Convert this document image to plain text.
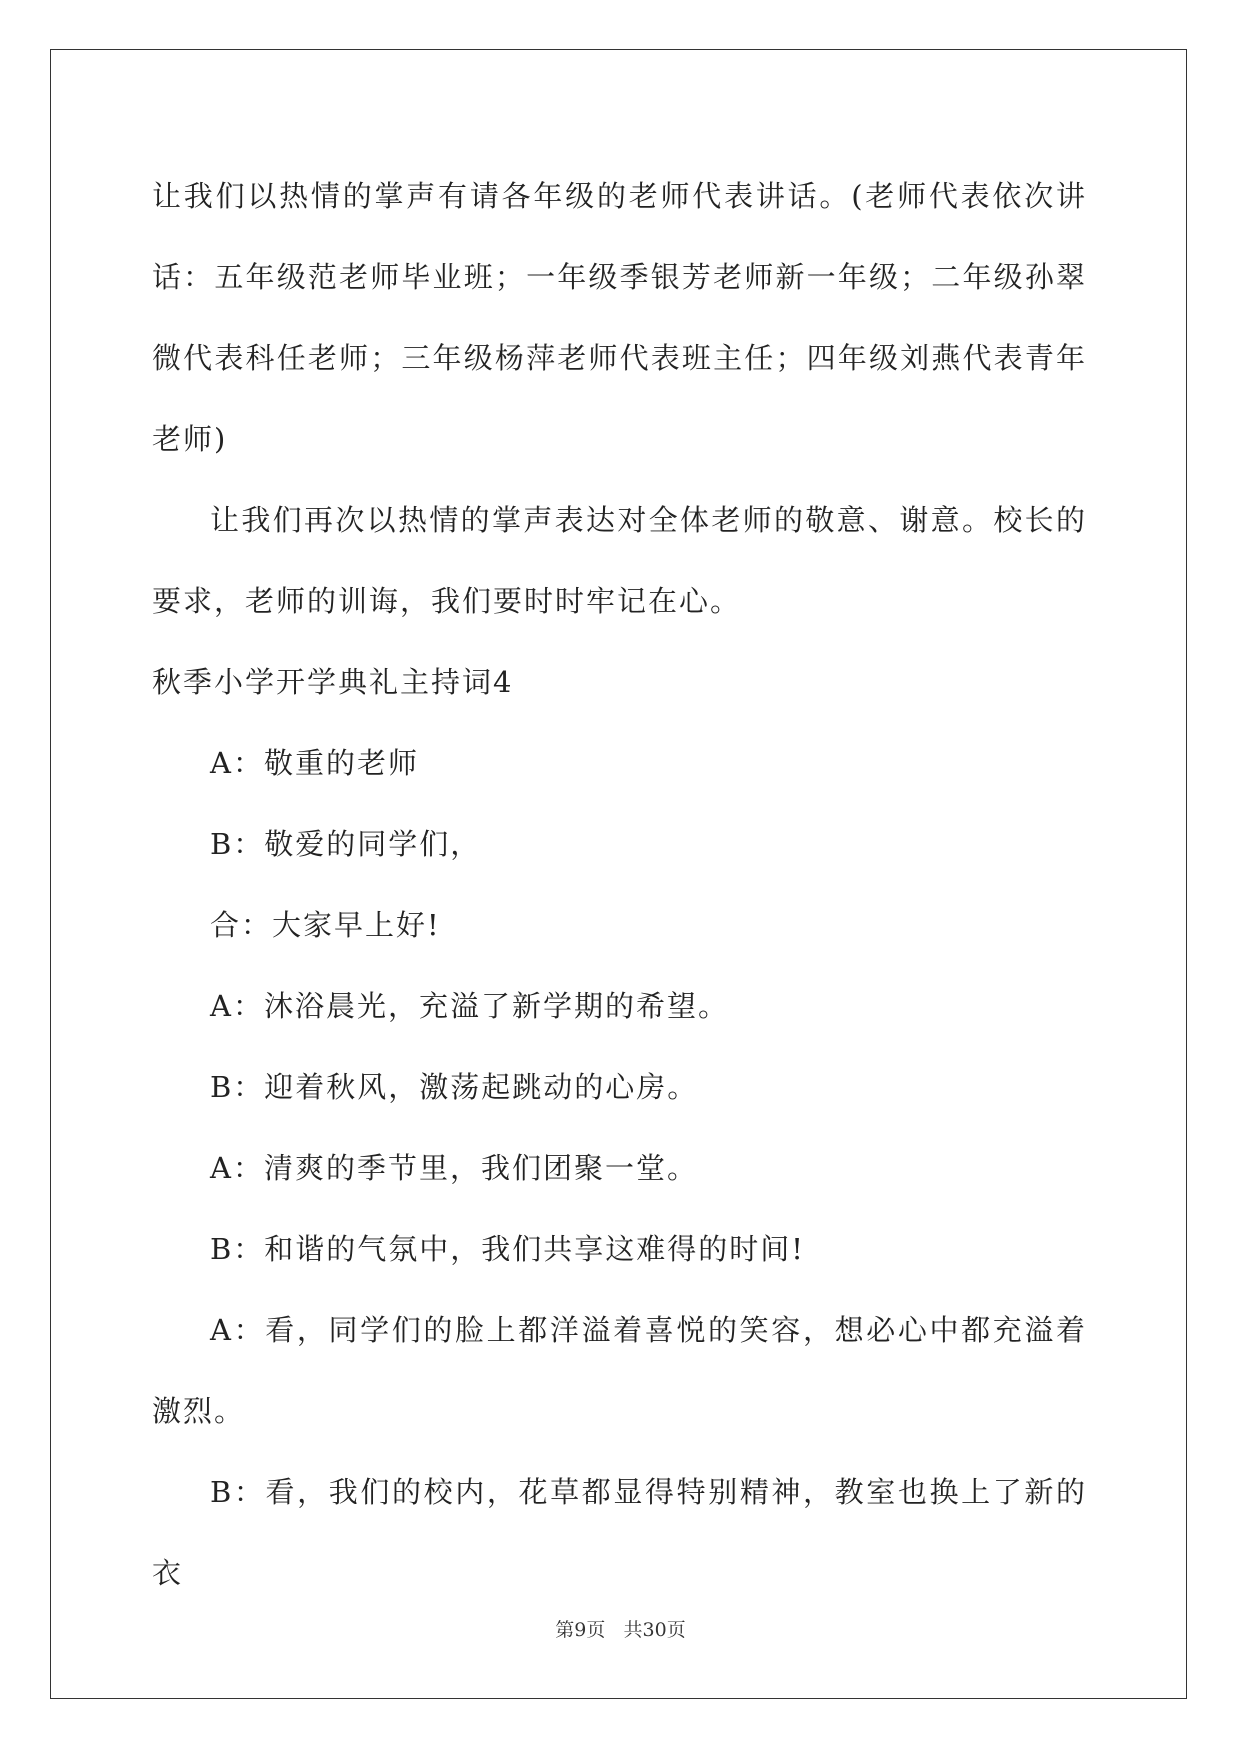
让我们以热情的掌声有请各年级的老师代表讲话。(老师代表依次讲话：五年级范老师毕业班；一年级季银芳老师新一年级；二年级孙翠微代表科任老师；三年级杨萍老师代表班主任；四年级刘燕代表青年老师)

让我们再次以热情的掌声表达对全体老师的敬意、谢意。校长的要求，老师的训诲，我们要时时牢记在心。

秋季小学开学典礼主持词4

A：敬重的老师

B：敬爱的同学们，

合：大家早上好!

A：沐浴晨光，充溢了新学期的希望。

B：迎着秋风，激荡起跳动的心房。

A：清爽的季节里，我们团聚一堂。

B：和谐的气氛中，我们共享这难得的时间!

A：看，同学们的脸上都洋溢着喜悦的笑容，想必心中都充溢着激烈。

B：看，我们的校内，花草都显得特别精神，教室也换上了新的衣

第9页 共30页
